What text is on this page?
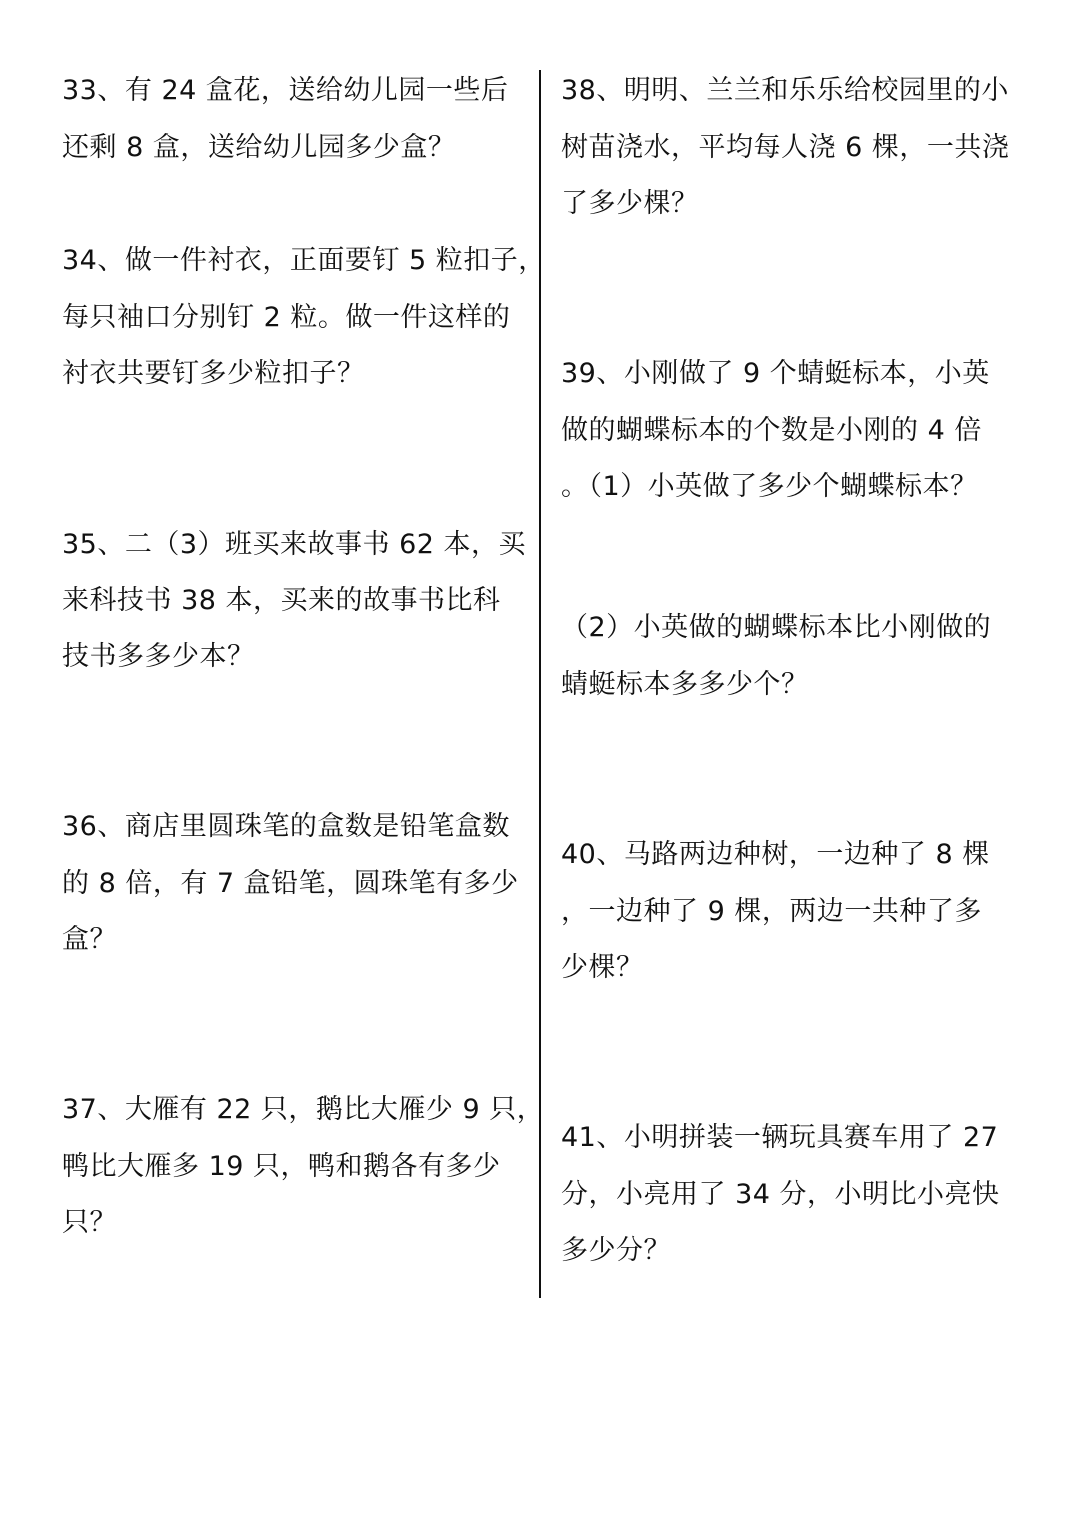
33、有 24 盒花，送给幼儿园一些后
还剩 8 盒，送给幼儿园多少盒？
34、做一件衬衣，正面要钉 5 粒扣子，
每只袖口分别钉 2 粒。做一件这样的
衬衣共要钉多少粒扣子？
35、二（3）班买来故事书 62 本，买
来科技书 38 本，买来的故事书比科
技书多多少本？
36、商店里圆珠笔的盒数是铅笔盒数
的 8 倍，有 7 盒铅笔，圆珠笔有多少
盒？
37、大雁有 22 只，鹅比大雁少 9 只，
鸭比大雁多 19 只，鸭和鹅各有多少
只？
38、明明、兰兰和乐乐给校园里的小
树苗浇水，平均每人浇 6 棵，一共浇
了多少棵？
39、小刚做了 9 个蜻蜓标本，小英
做的蝴蝶标本的个数是小刚的 4 倍
。（1）小英做了多少个蝴蝶标本？
（2）小英做的蝴蝶标本比小刚做的
蜻蜓标本多多少个？
40、马路两边种树，一边种了 8 棵
，一边种了 9 棵，两边一共种了多
少棵？
41、小明拼装一辆玩具赛车用了 27
分，小亮用了 34 分，小明比小亮快
多少分？
